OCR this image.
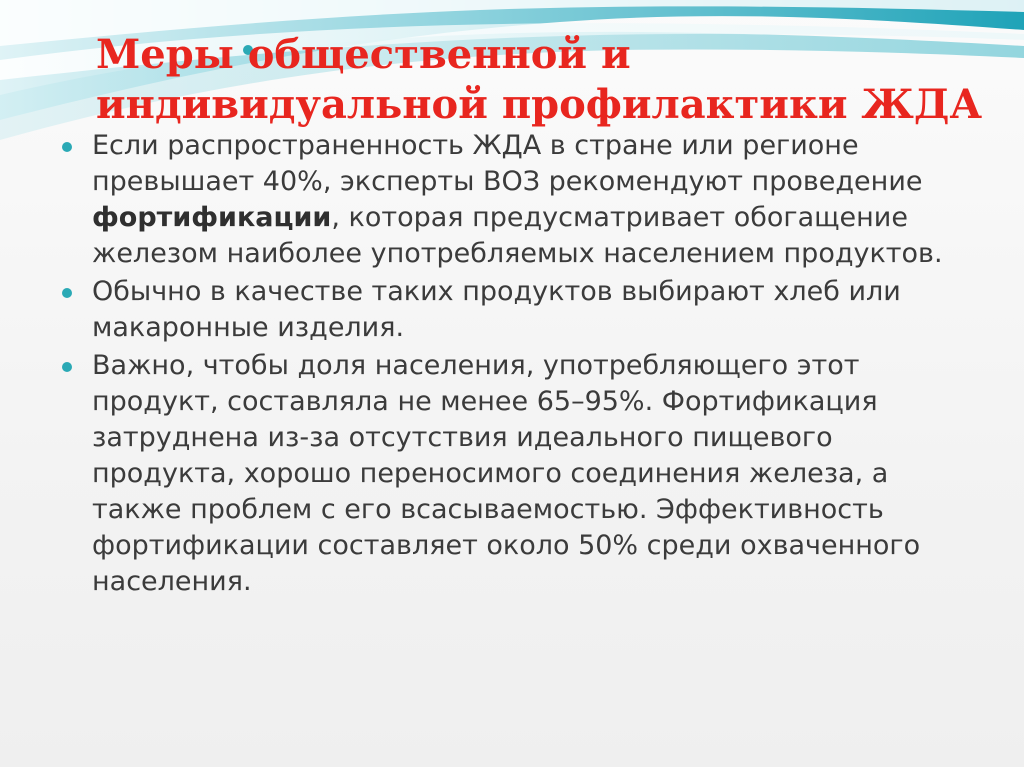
Меры общественной и
индивидуальной профилактики ЖДА
Если распространенность ЖДА в стране или регионе превышает 40%, эксперты ВОЗ рекомендуют проведение фортификации, которая предусматривает обогащение железом наиболее употребляемых населением продуктов.
Обычно в качестве таких продуктов выбирают хлеб или макаронные изделия.
Важно, чтобы доля населения, употребляющего этот продукт, составляла не менее 65–95%. Фортификация затруднена из-за отсутствия идеального пищевого продукта, хорошо переносимого соединения железа, а также проблем с его всасываемостью. Эффективность фортификации составляет около 50% среди охваченного населения.
